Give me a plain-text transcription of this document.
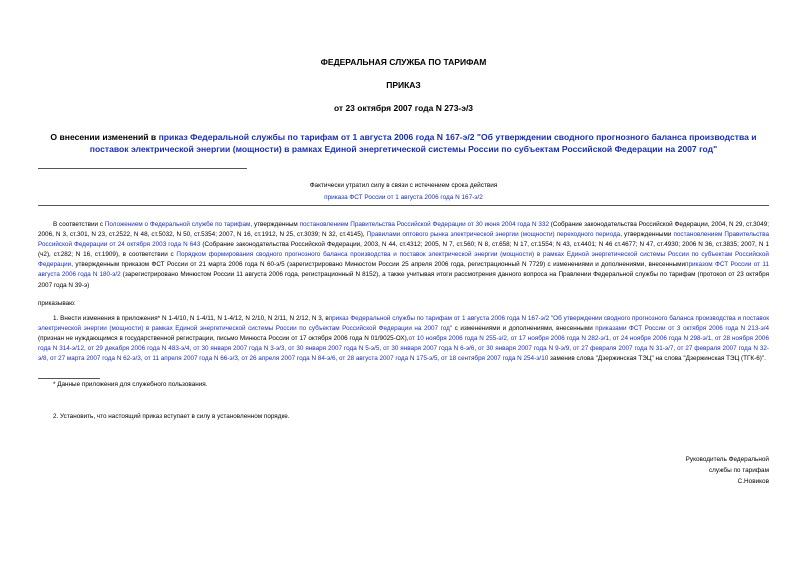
ФЕДЕРАЛЬНАЯ СЛУЖБА ПО ТАРИФАМ
ПРИКАЗ
от 23 октября 2007 года N 273-э/3
О внесении изменений в приказ Федеральной службы по тарифам от 1 августа 2006 года N 167-э/2 "Об утверждении сводного прогнозного баланса производства и поставок электрической энергии (мощности) в рамках Единой энергетической системы России по субъектам Российской Федерации на 2007 год"
Фактически утратил силу в связи с истечением срока действия
приказа ФСТ России от 1 августа 2006 года N 167-э/2
В соответствии с Положением о Федеральной службе по тарифам, утвержденным постановлением Правительства Российской Федерации от 30 июня 2004 года N 332 (Собрание законодательства Российской Федерации, 2004, N 29, ст.3049; 2006, N 3, ст.301, N 23, ст.2522, N 48, ст.5032, N 50, ст.5354; 2007, N 16, ст.1912, N 25, ст.3039; N 32, ст.4145), Правилами оптового рынка электрической энергии (мощности) переходного периода, утвержденными постановлением Правительства Российской Федерации от 24 октября 2003 года N 643 (Собрание законодательства Российской Федерации, 2003, N 44, ст.4312; 2005, N 7, ст.560; N 8, ст.658; N 17, ст.1554; N 43, ст.4401; N 46 ст.4677; N 47, ст.4930; 2006 N 36, ст.3835; 2007, N 1 (ч2), ст.282; N 16, ст.1909), в соответствии с Порядком формирования сводного прогнозного баланса производства и поставок электрической энергии (мощности) в рамках Единой энергетической системы России по субъектам Российской Федерации, утвержденным приказом ФСТ России от 21 марта 2006 года N 60-э/5 (зарегистрировано Минюстом России 25 апреля 2006 года, регистрационный N 7729) с изменениями и дополнениями, внесеннымиприказом ФСТ России от 11 августа 2006 года N 180-э/2 (зарегистрировано Минюстом России 11 августа 2006 года, регистрационный N 8152), а также учитывая итоги рассмотрения данного вопроса на Правлении Федеральной службы по тарифам (протокол от 23 октября 2007 года N 39-э)
приказываю:
1. Внести изменения в приложения* N 1-4/10, N 1-4/11, N 1-4/12, N 2/10, N 2/11, N 2/12, N 3, вприказ Федеральной службы по тарифам от 1 августа 2006 года N 167-э/2 "Об утверждении сводного прогнозного баланса производства и поставок электрической энергии (мощности) в рамках Единой энергетической системы России по субъектам Российской Федерации на 2007 год" с изменениями и дополнениями, внесенными приказами ФСТ России от 3 октября 2006 года N 213-э/4 (признан не нуждающимся в государственной регистрации, письмо Минюста России от 17 октября 2006 года N 01/9025-ОХ),от 10 ноября 2006 года N 255-э/2, от 17 ноября 2006 года N 282-э/1, от 24 ноября 2006 года N 298-э/1, от 28 ноября 2006 года N 314-э/12, от 29 декабря 2006 года N 483-э/4, от 30 января 2007 года N 3-э/3, от 30 января 2007 года N 5-э/5, от 30 января 2007 года N 6-э/6, от 30 января 2007 года N 9-э/9, от 27 февраля 2007 года N 31-э/7, от 27 февраля 2007 года N 32-э/8, от 27 марта 2007 года N 62-э/3, от 11 апреля 2007 года N 66-э/3, от 26 апреля 2007 года N 84-э/6, от 28 августа 2007 года N 175-э/5, от 18 сентября 2007 года N 254-э/10 заменив слова "Дзержинская ТЭЦ" на слова "Дзержинская ТЭЦ (ТГК-6)".
* Данные приложения для служебного пользования.
2. Установить, что настоящий приказ вступает в силу в установленном порядке.
Руководитель Федеральной
службы по тарифам
С.Новиков
